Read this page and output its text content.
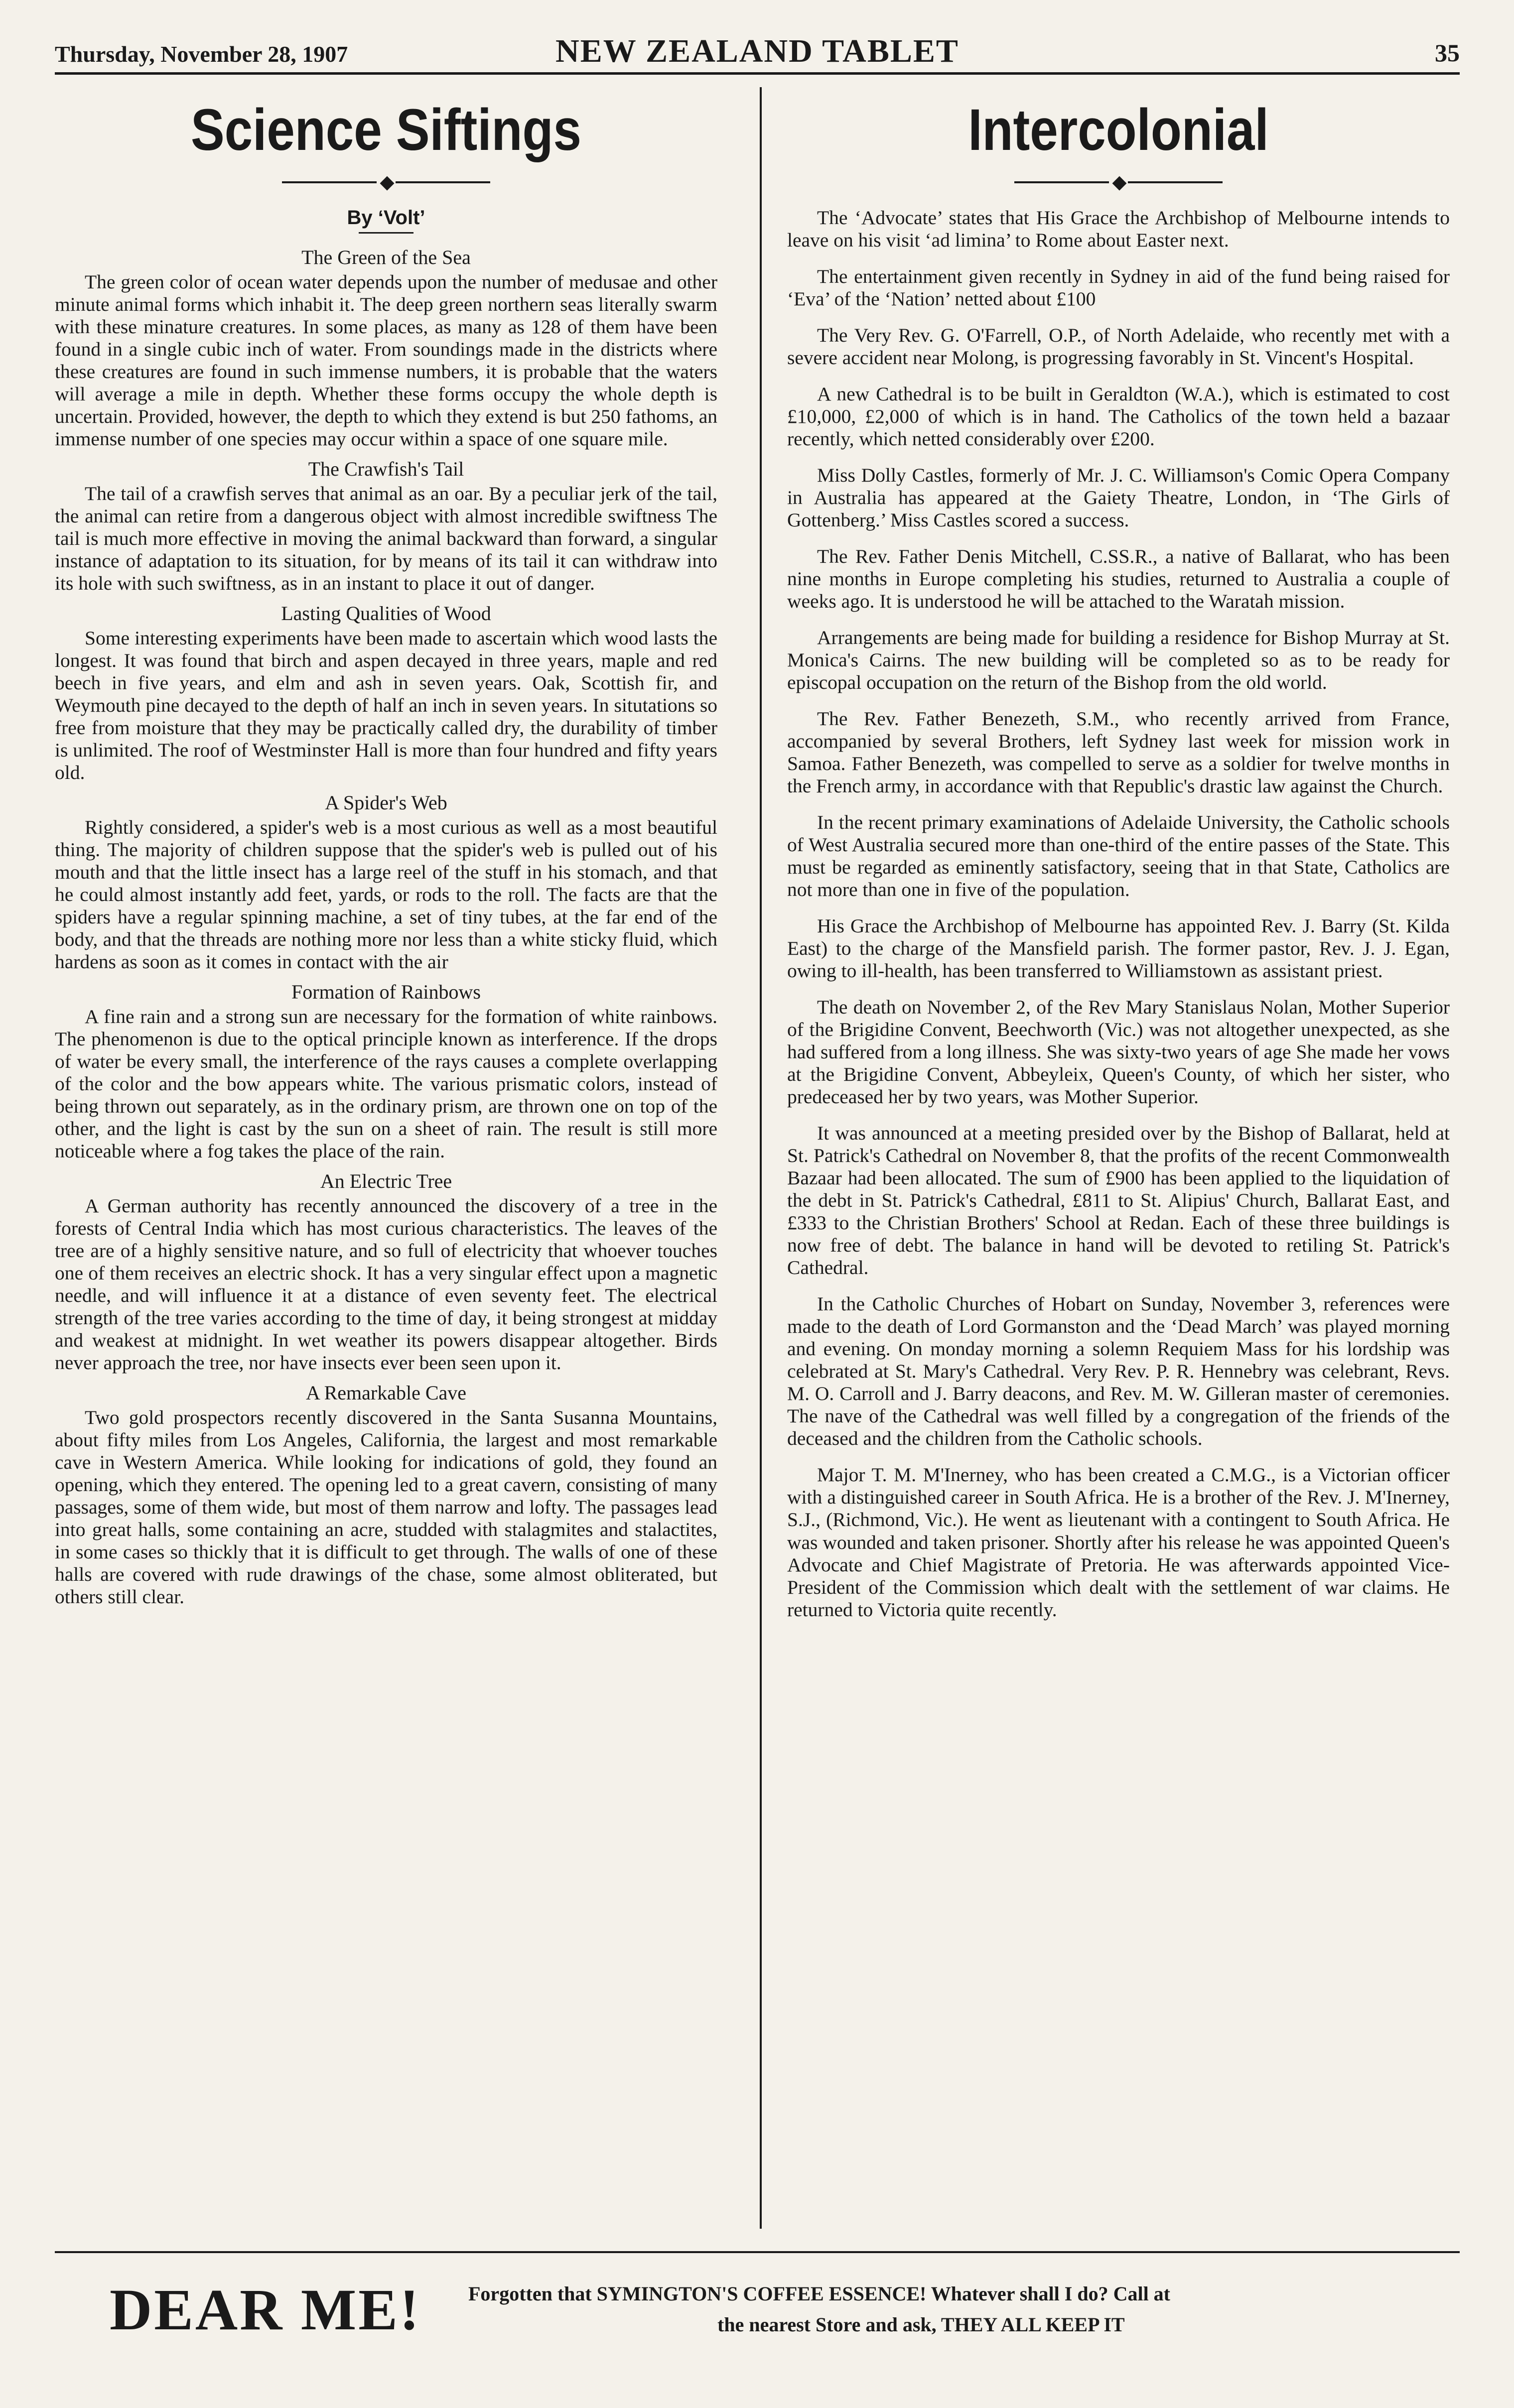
Thursday, November 28, 1907	NEW ZEALAND TABLET	35
Science Siftings
◆
By ‘Volt’
The Green of the Sea

The green color of ocean water depends upon the number of medusae and other minute animal forms which inhabit it. The deep green northern seas literally swarm with these minature creatures. In some places, as many as 128 of them have been found in a single cubic inch of water. From soundings made in the districts where these creatures are found in such immense numbers, it is probable that the waters will average a mile in depth. Whether these forms occupy the whole depth is uncertain. Provided, however, the depth to which they extend is but 250 fathoms, an immense number of one species may occur within a space of one square mile.

The Crawfish's Tail

The tail of a crawfish serves that animal as an oar. By a peculiar jerk of the tail, the animal can retire from a dangerous object with almost incredible swiftness The tail is much more effective in moving the animal backward than forward, a singular instance of adaptation to its situation, for by means of its tail it can withdraw into its hole with such swiftness, as in an instant to place it out of danger.

Lasting Qualities of Wood

Some interesting experiments have been made to ascertain which wood lasts the longest. It was found that birch and aspen decayed in three years, maple and red beech in five years, and elm and ash in seven years. Oak, Scottish fir, and Weymouth pine decayed to the depth of half an inch in seven years. In situtations so free from moisture that they may be practically called dry, the durability of timber is unlimited. The roof of Westminster Hall is more than four hundred and fifty years old.

A Spider's Web

Rightly considered, a spider's web is a most curious as well as a most beautiful thing. The majority of children suppose that the spider's web is pulled out of his mouth and that the little insect has a large reel of the stuff in his stomach, and that he could almost instantly add feet, yards, or rods to the roll. The facts are that the spiders have a regular spinning machine, a set of tiny tubes, at the far end of the body, and that the threads are nothing more nor less than a white sticky fluid, which hardens as soon as it comes in contact with the air

Formation of Rainbows

A fine rain and a strong sun are necessary for the formation of white rainbows. The phenomenon is due to the optical principle known as interference. If the drops of water be every small, the interference of the rays causes a complete overlapping of the color and the bow appears white. The various prismatic colors, instead of being thrown out separately, as in the ordinary prism, are thrown one on top of the other, and the light is cast by the sun on a sheet of rain. The result is still more noticeable where a fog takes the place of the rain.

An Electric Tree

A German authority has recently announced the discovery of a tree in the forests of Central India which has most curious characteristics. The leaves of the tree are of a highly sensitive nature, and so full of electricity that whoever touches one of them receives an electric shock. It has a very singular effect upon a magnetic needle, and will influence it at a distance of even seventy feet. The electrical strength of the tree varies according to the time of day, it being strongest at midday and weakest at midnight. In wet weather its powers disappear altogether. Birds never approach the tree, nor have insects ever been seen upon it.

A Remarkable Cave

Two gold prospectors recently discovered in the Santa Susanna Mountains, about fifty miles from Los Angeles, California, the largest and most remarkable cave in Western America. While looking for indications of gold, they found an opening, which they entered. The opening led to a great cavern, consisting of many passages, some of them wide, but most of them narrow and lofty. The passages lead into great halls, some containing an acre, studded with stalagmites and stalactites, in some cases so thickly that it is difficult to get through. The walls of one of these halls are covered with rude drawings of the chase, some almost obliterated, but others still clear.

Intercolonial
◆

The ‘Advocate’ states that His Grace the Archbishop of Melbourne intends to leave on his visit ‘ad limina’ to Rome about Easter next.

The entertainment given recently in Sydney in aid of the fund being raised for ‘Eva’ of the ‘Nation’ netted about £100

The Very Rev. G. O'Farrell, O.P., of North Adelaide, who recently met with a severe accident near Molong, is progressing favorably in St. Vincent's Hospital.

A new Cathedral is to be built in Geraldton (W.A.), which is estimated to cost £10,000, £2,000 of which is in hand. The Catholics of the town held a bazaar recently, which netted considerably over £200.

Miss Dolly Castles, formerly of Mr. J. C. Williamson's Comic Opera Company in Australia has appeared at the Gaiety Theatre, London, in ‘The Girls of Gottenberg.’ Miss Castles scored a success.

The Rev. Father Denis Mitchell, C.SS.R., a native of Ballarat, who has been nine months in Europe completing his studies, returned to Australia a couple of weeks ago. It is understood he will be attached to the Waratah mission.

Arrangements are being made for building a residence for Bishop Murray at St. Monica's Cairns. The new building will be completed so as to be ready for episcopal occupation on the return of the Bishop from the old world.

The Rev. Father Benezeth, S.M., who recently arrived from France, accompanied by several Brothers, left Sydney last week for mission work in Samoa. Father Benezeth, was compelled to serve as a soldier for twelve months in the French army, in accordance with that Republic's drastic law against the Church.

In the recent primary examinations of Adelaide University, the Catholic schools of West Australia secured more than one-third of the entire passes of the State. This must be regarded as eminently satisfactory, seeing that in that State, Catholics are not more than one in five of the population.

His Grace the Archbishop of Melbourne has appointed Rev. J. Barry (St. Kilda East) to the charge of the Mansfield parish. The former pastor, Rev. J. J. Egan, owing to ill-health, has been transferred to Williamstown as assistant priest.

The death on November 2, of the Rev Mary Stanislaus Nolan, Mother Superior of the Brigidine Convent, Beechworth (Vic.) was not altogether unexpected, as she had suffered from a long illness. She was sixty-two years of age She made her vows at the Brigidine Convent, Abbeyleix, Queen's County, of which her sister, who predeceased her by two years, was Mother Superior.

It was announced at a meeting presided over by the Bishop of Ballarat, held at St. Patrick's Cathedral on November 8, that the profits of the recent Commonwealth Bazaar had been allocated. The sum of £900 has been applied to the liquidation of the debt in St. Patrick's Cathedral, £811 to St. Alipius' Church, Ballarat East, and £333 to the Christian Brothers' School at Redan. Each of these three buildings is now free of debt. The balance in hand will be devoted to retiling St. Patrick's Cathedral.

In the Catholic Churches of Hobart on Sunday, November 3, references were made to the death of Lord Gormanston and the ‘Dead March’ was played morning and evening. On monday morning a solemn Requiem Mass for his lordship was celebrated at St. Mary's Cathedral. Very Rev. P. R. Hennebry was celebrant, Revs. M. O. Carroll and J. Barry deacons, and Rev. M. W. Gilleran master of ceremonies. The nave of the Cathedral was well filled by a congregation of the friends of the deceased and the children from the Catholic schools.

Major T. M. M'Inerney, who has been created a C.M.G., is a Victorian officer with a distinguished career in South Africa. He is a brother of the Rev. J. M'Inerney, S.J., (Richmond, Vic.). He went as lieutenant with a contingent to South Africa. He was wounded and taken prisoner. Shortly after his release he was appointed Queen's Advocate and Chief Magistrate of Pretoria. He was afterwards appointed Vice-President of the Commission which dealt with the settlement of war claims. He returned to Victoria quite recently.

DEAR ME! Forgotten that SYMINGTON'S COFFEE ESSENCE! Whatever shall I do? Call at
the nearest Store and ask, THEY ALL KEEP IT
